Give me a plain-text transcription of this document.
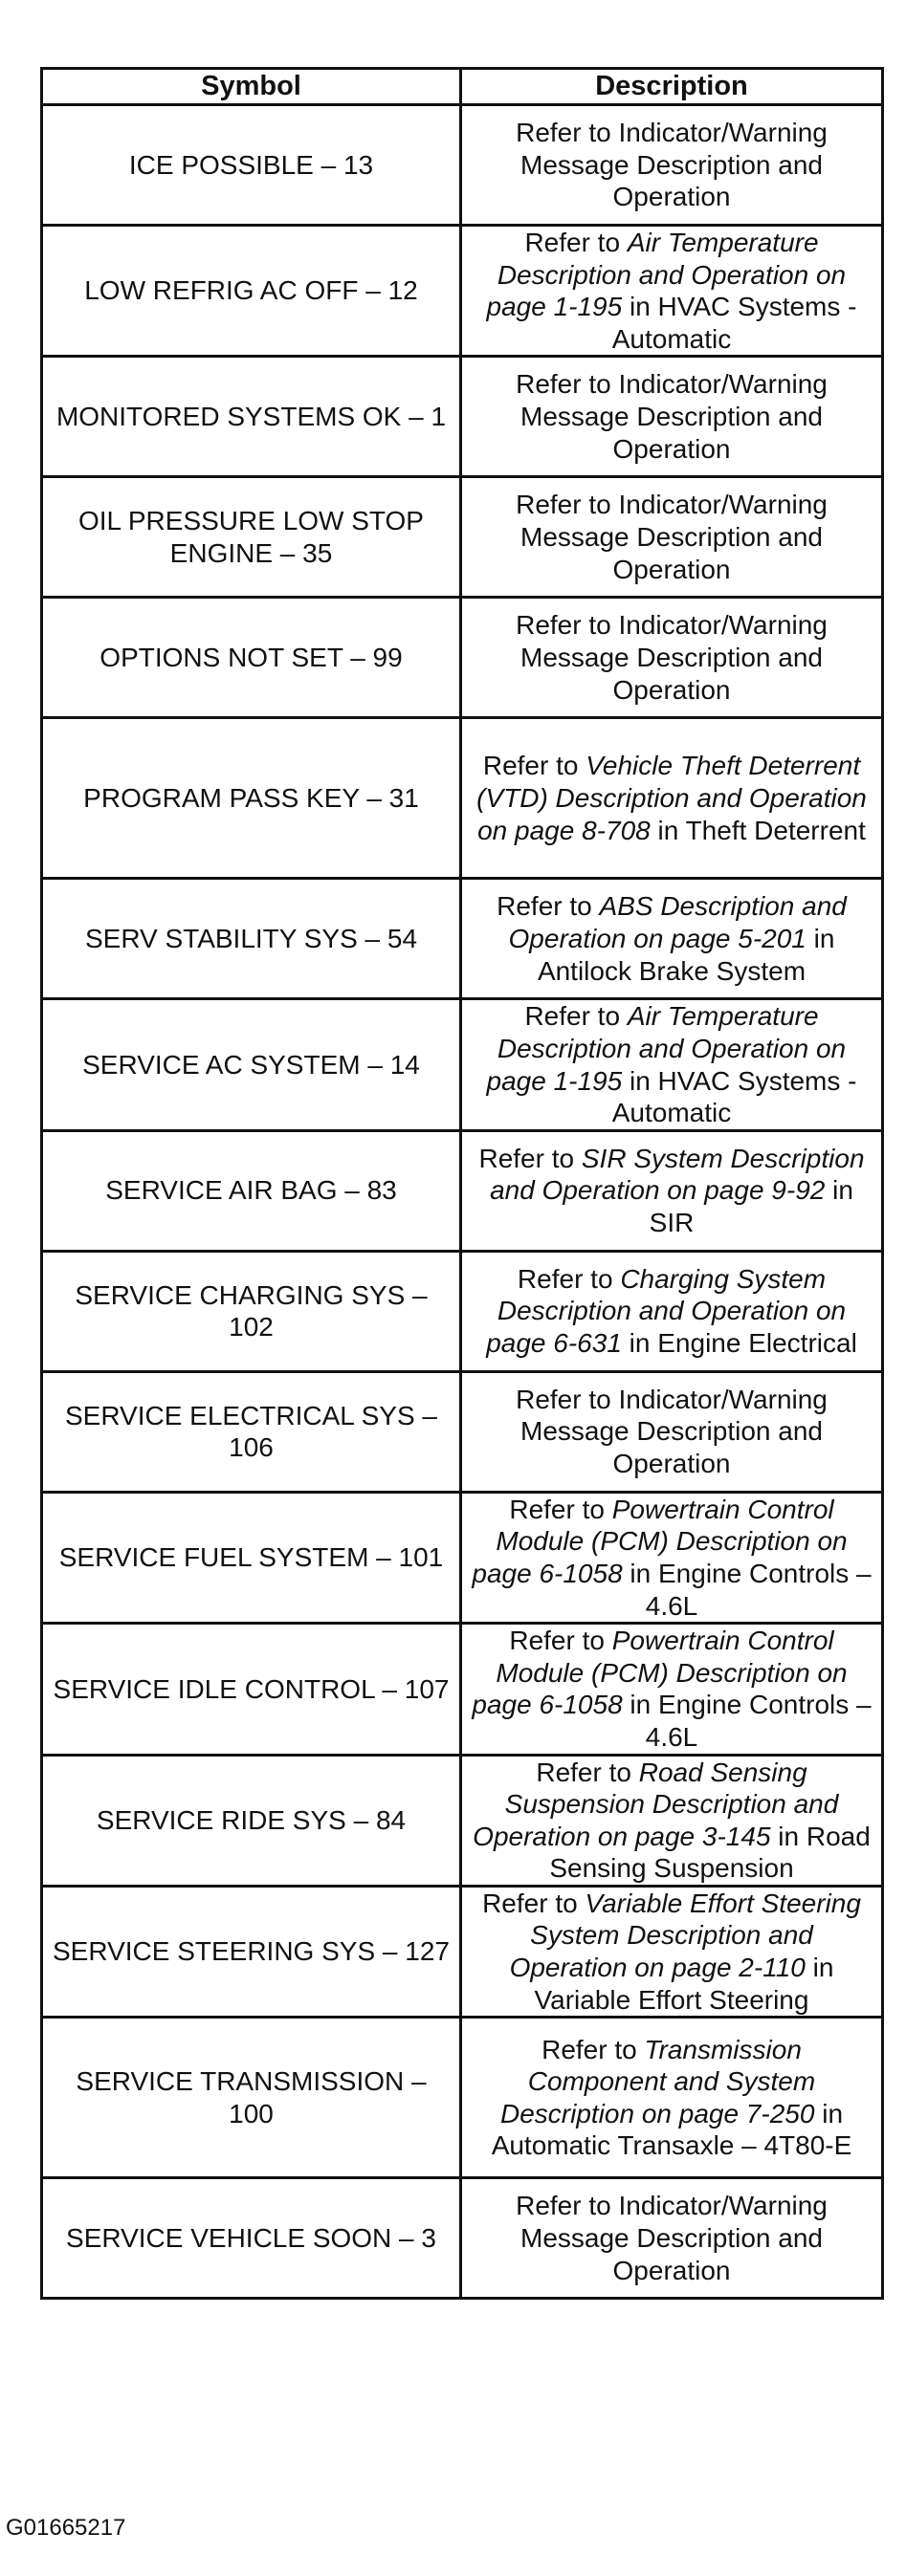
Symbol	Description
ICE POSSIBLE – 13	Refer to Indicator/Warning Message Description and Operation
LOW REFRIG AC OFF – 12	Refer to Air Temperature Description and Operation on page 1-195 in HVAC Systems - Automatic
MONITORED SYSTEMS OK – 1	Refer to Indicator/Warning Message Description and Operation
OIL PRESSURE LOW STOP ENGINE – 35	Refer to Indicator/Warning Message Description and Operation
OPTIONS NOT SET – 99	Refer to Indicator/Warning Message Description and Operation
PROGRAM PASS KEY – 31	Refer to Vehicle Theft Deterrent (VTD) Description and Operation on page 8-708 in Theft Deterrent
SERV STABILITY SYS – 54	Refer to ABS Description and Operation on page 5-201 in Antilock Brake System
SERVICE AC SYSTEM – 14	Refer to Air Temperature Description and Operation on page 1-195 in HVAC Systems - Automatic
SERVICE AIR BAG – 83	Refer to SIR System Description and Operation on page 9-92 in SIR
SERVICE CHARGING SYS – 102	Refer to Charging System Description and Operation on page 6-631 in Engine Electrical
SERVICE ELECTRICAL SYS – 106	Refer to Indicator/Warning Message Description and Operation
SERVICE FUEL SYSTEM – 101	Refer to Powertrain Control Module (PCM) Description on page 6-1058 in Engine Controls – 4.6L
SERVICE IDLE CONTROL – 107	Refer to Powertrain Control Module (PCM) Description on page 6-1058 in Engine Controls – 4.6L
SERVICE RIDE SYS – 84	Refer to Road Sensing Suspension Description and Operation on page 3-145 in Road Sensing Suspension
SERVICE STEERING SYS – 127	Refer to Variable Effort Steering System Description and Operation on page 2-110 in Variable Effort Steering
SERVICE TRANSMISSION – 100	Refer to Transmission Component and System Description on page 7-250 in Automatic Transaxle – 4T80-E
SERVICE VEHICLE SOON – 3	Refer to Indicator/Warning Message Description and Operation
G01665217
